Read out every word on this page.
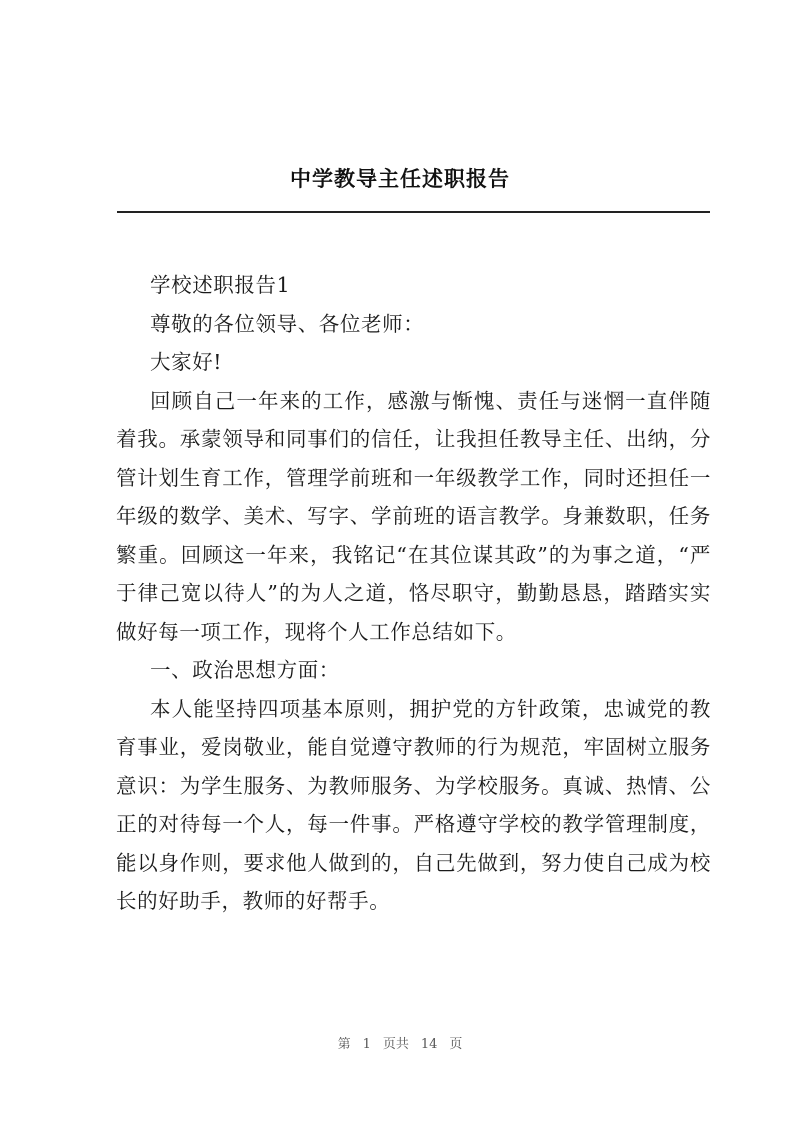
中学教导主任述职报告

学校述职报告1

尊敬的各位领导、各位老师：

大家好!

回顾自己一年来的工作，感激与惭愧、责任与迷惘一直伴随着我。承蒙领导和同事们的信任，让我担任教导主任、出纳，分管计划生育工作，管理学前班和一年级教学工作，同时还担任一年级的数学、美术、写字、学前班的语言教学。身兼数职，任务繁重。回顾这一年来，我铭记“在其位谋其政”的为事之道，“严于律己宽以待人”的为人之道，恪尽职守，勤勤恳恳，踏踏实实做好每一项工作，现将个人工作总结如下。

一、政治思想方面：

本人能坚持四项基本原则，拥护党的方针政策，忠诚党的教育事业，爱岗敬业，能自觉遵守教师的行为规范，牢固树立服务意识：为学生服务、为教师服务、为学校服务。真诚、热情、公正的对待每一个人，每一件事。严格遵守学校的教学管理制度，能以身作则，要求他人做到的，自己先做到，努力使自己成为校长的好助手，教师的好帮手。

第 1 页共 14 页
